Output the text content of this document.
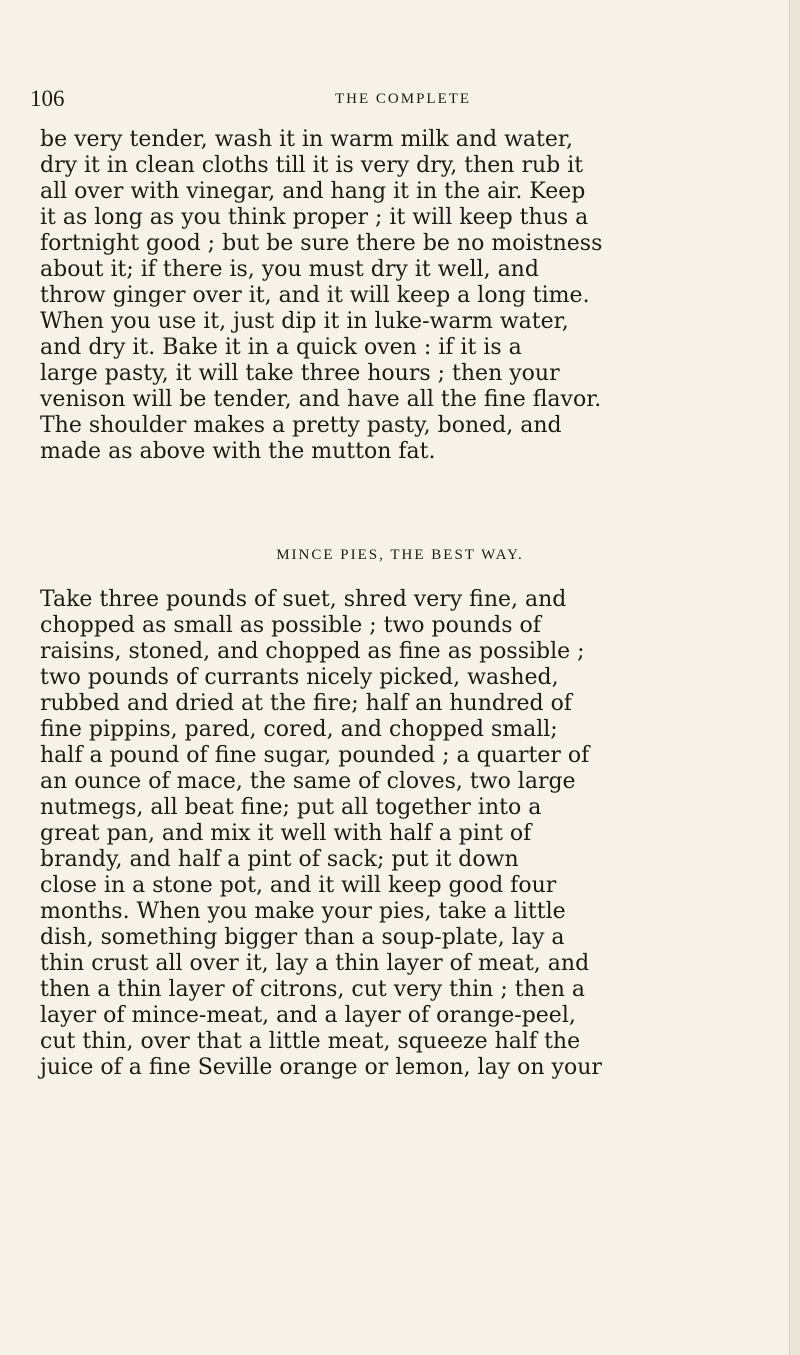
106	THE COMPLETE
be very tender, wash it in warm milk and water,
dry it in clean cloths till it is very dry, then rub it
all over with vinegar, and hang it in the air. Keep
it as long as you think proper ; it will keep thus a
fortnight good ; but be sure there be no moistness
about it; if there is, you must dry it well, and
throw ginger over it, and it will keep a long time.
When you use it, just dip it in luke-warm water,
and dry it. Bake it in a quick oven : if it is a
large pasty, it will take three hours ; then your
venison will be tender, and have all the fine flavor.
The shoulder makes a pretty pasty, boned, and
made as above with the mutton fat.
MINCE PIES, THE BEST WAY.
Take three pounds of suet, shred very fine, and
chopped as small as possible ; two pounds of
raisins, stoned, and chopped as fine as possible ;
two pounds of currants nicely picked, washed,
rubbed and dried at the fire; half an hundred of
fine pippins, pared, cored, and chopped small;
half a pound of fine sugar, pounded ; a quarter of
an ounce of mace, the same of cloves, two large
nutmegs, all beat fine; put all together into a
great pan, and mix it well with half a pint of
brandy, and half a pint of sack; put it down
close in a stone pot, and it will keep good four
months. When you make your pies, take a little
dish, something bigger than a soup-plate, lay a
thin crust all over it, lay a thin layer of meat, and
then a thin layer of citrons, cut very thin ; then a
layer of mince-meat, and a layer of orange-peel,
cut thin, over that a little meat, squeeze half the
juice of a fine Seville orange or lemon, lay on your
